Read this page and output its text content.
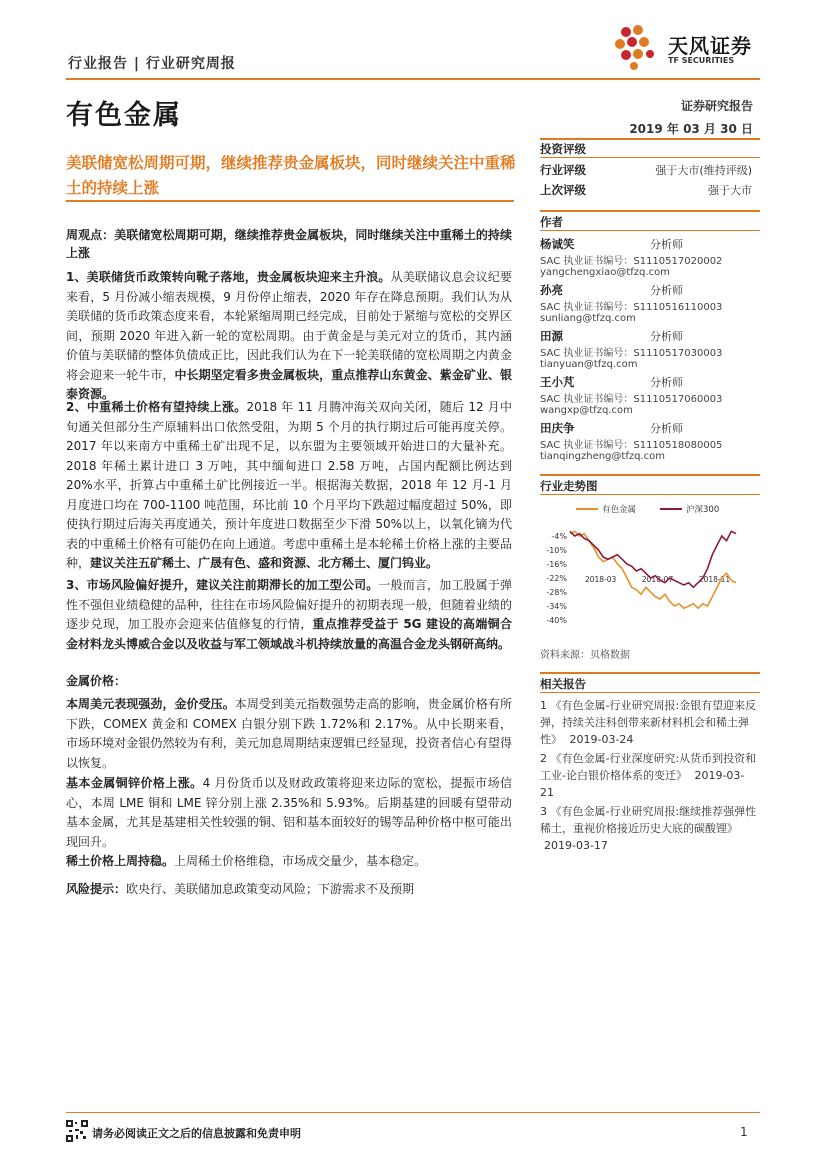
行业报告 | 行业研究周报
天风证券
TF SECURITIES
有色金属	证券研究报告
2019 年 03 月 30 日
美联储宽松周期可期，继续推荐贵金属板块，同时继续关注中重稀土的持续上涨
周观点：美联储宽松周期可期，继续推荐贵金属板块，同时继续关注中重稀土的持续上涨
1、美联储货币政策转向靴子落地，贵金属板块迎来主升浪。从美联储议息会议纪要来看，5 月份减小缩表规模，9 月份停止缩表，2020 年存在降息预期。我们认为从美联储的货币政策态度来看，本轮紧缩周期已经完成，目前处于紧缩与宽松的交界区间，预期 2020 年进入新一轮的宽松周期。由于黄金是与美元对立的货币，其内涵价值与美联储的整体负债成正比，因此我们认为在下一轮美联储的宽松周期之内黄金将会迎来一轮牛市，中长期坚定看多贵金属板块，重点推荐山东黄金、紫金矿业、银泰资源。
2、中重稀土价格有望持续上涨。2018 年 11 月腾冲海关双向关闭，随后 12 月中旬通关但部分生产原辅料出口依然受阻，为期 5 个月的执行期过后可能再度关停。2017 年以来南方中重稀土矿出现不足，以东盟为主要领域开始进口的大量补充。2018 年稀土累计进口 3 万吨，其中缅甸进口 2.58 万吨，占国内配额比例达到 20%水平，折算占中重稀土矿比例接近一半。根据海关数据，2018 年 12 月-1 月月度进口均在 700-1100 吨范围，环比前 10 个月平均下跌超过幅度超过 50%，即使执行期过后海关再度通关，预计年度进口数据至少下滑 50%以上，以氧化镝为代表的中重稀土价格有可能仍在向上通道。考虑中重稀土是本轮稀土价格上涨的主要品种，建议关注五矿稀土、广晟有色、盛和资源、北方稀土、厦门钨业。
3、市场风险偏好提升，建议关注前期滞长的加工型公司。一般而言，加工股属于弹性不强但业绩稳健的品种，往往在市场风险偏好提升的初期表现一般，但随着业绩的逐步兑现，加工股亦会迎来估值修复的行情，重点推荐受益于 5G 建设的高端铜合金材料龙头博威合金以及收益与军工领域战斗机持续放量的高温合金龙头钢研高纳。
金属价格：
本周美元表现强劲，金价受压。本周受到美元指数强势走高的影响，贵金属价格有所下跌，COMEX 黄金和 COMEX 白银分别下跌 1.72%和 2.17%。从中长期来看，市场环境对金银仍然较为有利，美元加息周期结束逻辑已经显现，投资者信心有望得以恢复。
基本金属铜锌价格上涨。4 月份货币以及财政政策将迎来边际的宽松，提振市场信心，本周 LME 铜和 LME 锌分别上涨 2.35%和 5.93%。后期基建的回暖有望带动基本金属，尤其是基建相关性较强的铜、铝和基本面较好的锡等品种价格中枢可能出现回升。
稀土价格上周持稳。上周稀土价格维稳，市场成交量少，基本稳定。
风险提示：欧央行、美联储加息政策变动风险；下游需求不及预期
投资评级
行业评级	强于大市(维持评级)
上次评级	强于大市
作者
杨诚笑	分析师
SAC 执业证书编号：S1110517020002
yangchengxiao@tfzq.com
孙亮	分析师
SAC 执业证书编号：S1110516110003
sunliang@tfzq.com
田源	分析师
SAC 执业证书编号：S1110517030003
tianyuan@tfzq.com
王小芃	分析师
SAC 执业证书编号：S1110517060003
wangxp@tfzq.com
田庆争	分析师
SAC 执业证书编号：S1110518080005
tianqingzheng@tfzq.com
行业走势图
有色金属	沪深300
-4%
-10%
-16%
-22%
-28%
-34%
-40%
2018-03	2018-07	2018-11
资料来源：贝格数据
相关报告
1 《有色金属-行业研究周报:金银有望迎来反弹，持续关注科创带来新材料机会和稀土弹性》 2019-03-24
2 《有色金属-行业深度研究:从货币到投资和工业-论白银价格体系的变迁》 2019-03-21
3 《有色金属-行业研究周报:继续推荐强弹性稀土，重视价格接近历史大底的碳酸锂》 2019-03-17
请务必阅读正文之后的信息披露和免责申明	1
